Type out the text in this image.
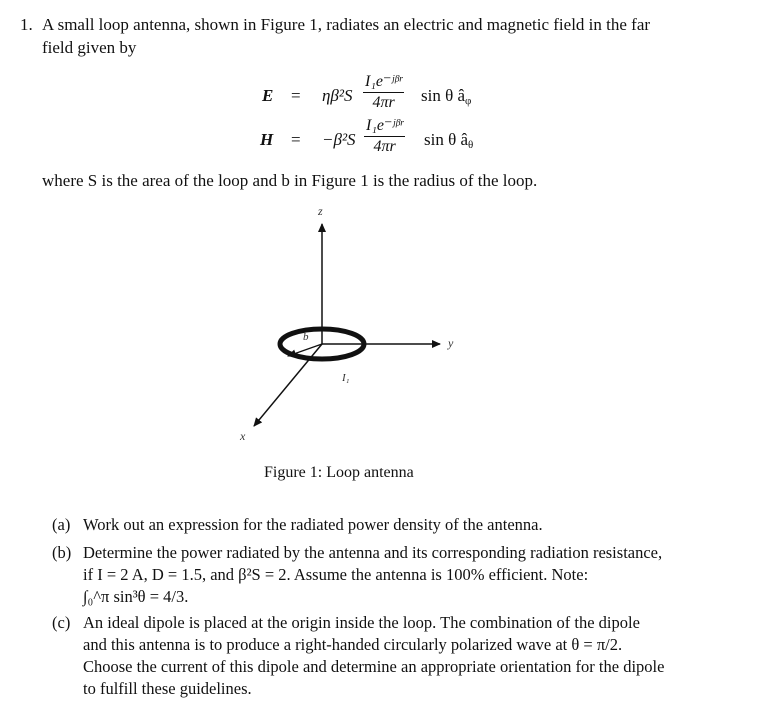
1. A small loop antenna, shown in Figure 1, radiates an electric and magnetic field in the far
field given by
E = ηβ²S
I₁e⁻ʲᵝʳ
4πr	sin θ $â_\varphi$
H = −β²S
I₁e⁻ʲᵝʳ
4πr	sin θ $â_\theta$
where S is the area of the loop and b in Figure 1 is the radius of the loop.
z
y
x
b
I₁
Figure 1: Loop antenna
(a) Work out an expression for the radiated power density of the antenna.
(b) Determine the power radiated by the antenna and its corresponding radiation resistance,
if I = 2 A, D = 1.5, and β²S = 2. Assume the antenna is 100% efficient. Note:
∫₀^π sin³θ = 4/3.
(c) An ideal dipole is placed at the origin inside the loop. The combination of the dipole
and this antenna is to produce a right-handed circularly polarized wave at θ = π/2.
Choose the current of this dipole and determine an appropriate orientation for the dipole
to fulfill these guidelines.
